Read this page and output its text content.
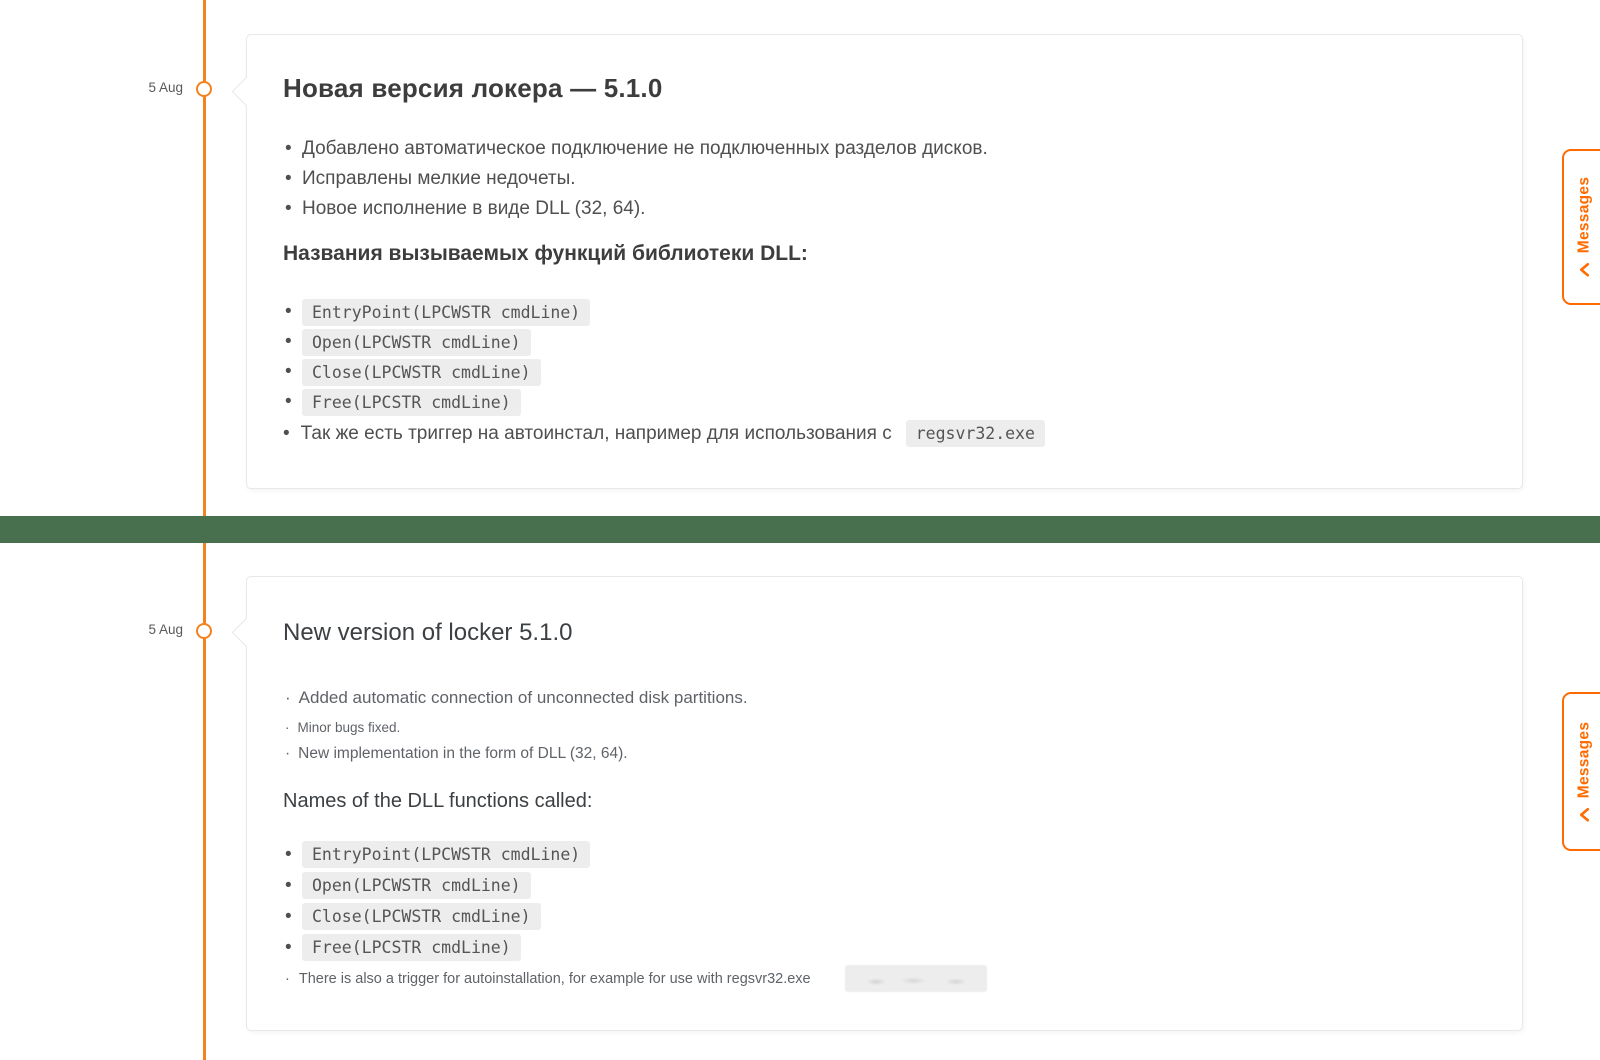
5 Aug	Новая версия локера — 5.1.0
• Добавлено автоматическое подключение не подключенных разделов дисков.
• Исправлены мелкие недочеты.
• Новое исполнение в виде DLL (32, 64).
Названия вызываемых функций библиотеки DLL:
• EntryPoint(LPCWSTR cmdLine)
• Open(LPCWSTR cmdLine)
• Close(LPCWSTR cmdLine)
• Free(LPCSTR cmdLine)
• Так же есть триггер на автоинстал, например для использования с	regsvr32.exe
5 Aug	New version of locker 5.1.0
· Added automatic connection of unconnected disk partitions.
· Minor bugs fixed.
· New implementation in the form of DLL (32, 64).
Names of the DLL functions called:
• EntryPoint(LPCWSTR cmdLine)
• Open(LPCWSTR cmdLine)
• Close(LPCWSTR cmdLine)
• Free(LPCSTR cmdLine)
· There is also a trigger for autoinstallation, for example for use with regsvr32.exe
Messages
Messages
